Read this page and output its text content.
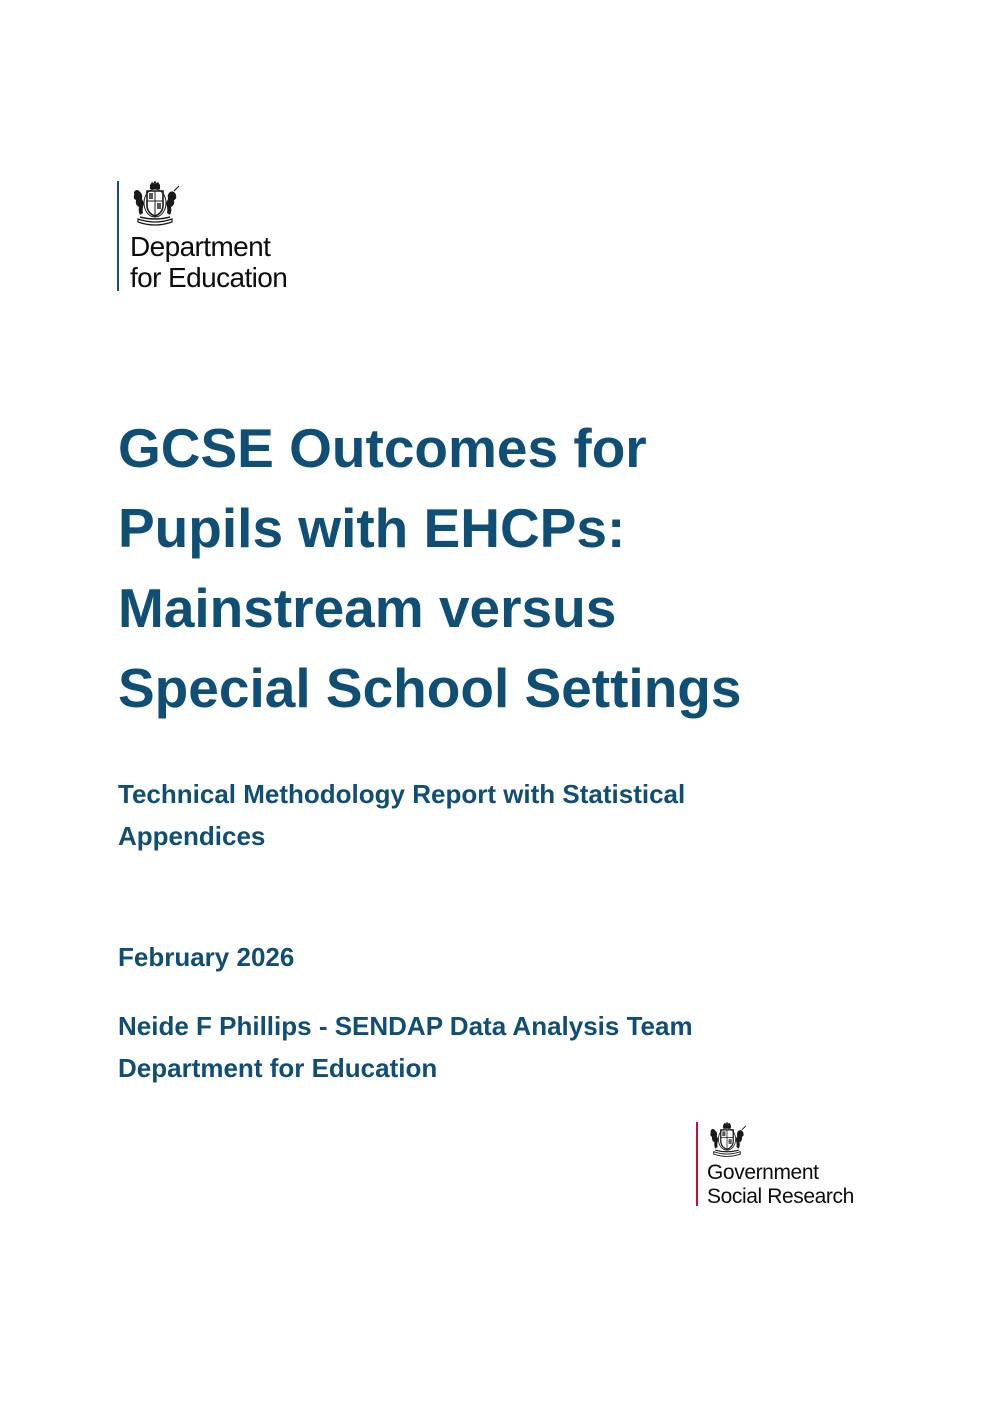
Department
for Education
GCSE Outcomes for
Pupils with EHCPs:
Mainstream versus
Special School Settings
Technical Methodology Report with Statistical
Appendices
February 2026
Neide F Phillips - SENDAP Data Analysis Team
Department for Education
Government
Social Research
